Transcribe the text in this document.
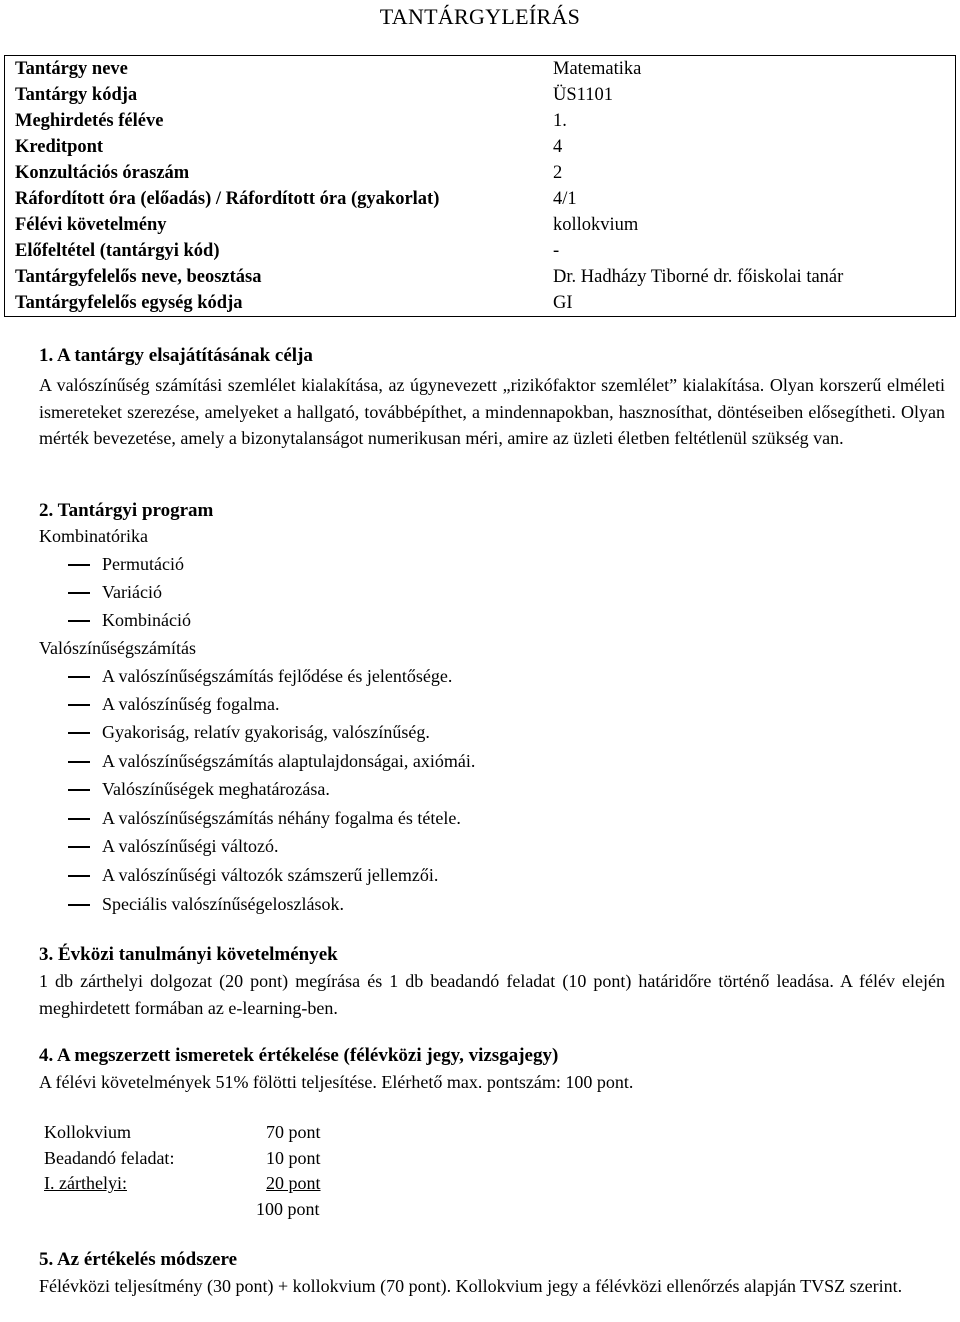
TANTÁRGYLEÍRÁS
Tantárgy neve	Matematika
Tantárgy kódja	ÜS1101
Meghirdetés féléve	1.
Kreditpont	4
Konzultációs óraszám	2
Ráfordított óra (előadás) / Ráfordított óra (gyakorlat)	4/1
Félévi követelmény	kollokvium
Előfeltétel (tantárgyi kód)	-
Tantárgyfelelős neve, beosztása	Dr. Hadházy Tiborné dr. főiskolai tanár
Tantárgyfelelős egység kódja	GI
1. A tantárgy elsajátításának célja
A valószínűség számítási szemlélet kialakítása, az úgynevezett „rizikófaktor szemlélet” kialakítása. Olyan korszerű elméleti ismereteket szerezése, amelyeket a hallgató, továbbépíthet, a mindennapokban, hasznosíthat, döntéseiben elősegítheti. Olyan mérték bevezetése, amely a bizonytalanságot numerikusan méri, amire az üzleti életben feltétlenül szükség van.
2. Tantárgyi program
Kombinatórika
Permutáció
Variáció
Kombináció
Valószínűségszámítás
A valószínűségszámítás fejlődése és jelentősége.
A valószínűség fogalma.
Gyakoriság, relatív gyakoriság, valószínűség.
A valószínűségszámítás alaptulajdonságai, axiómái.
Valószínűségek meghatározása.
A valószínűségszámítás néhány fogalma és tétele.
A valószínűségi változó.
A valószínűségi változók számszerű jellemzői.
Speciális valószínűségeloszlások.
3. Évközi tanulmányi követelmények
1 db zárthelyi dolgozat (20 pont) megírása és 1 db beadandó feladat (10 pont) határidőre történő leadása. A félév elején meghirdetett formában az e-learning-ben.
4. A megszerzett ismeretek értékelése (félévközi jegy, vizsgajegy)
A félévi követelmények 51% fölötti teljesítése. Elérhető max. pontszám: 100 pont.
Kollokvium	70 pont
Beadandó feladat:	10 pont
I. zárthelyi:	20 pont
100 pont
5. Az értékelés módszere
Félévközi teljesítmény (30 pont) + kollokvium (70 pont). Kollokvium jegy a félévközi ellenőrzés alapján TVSZ szerint.
